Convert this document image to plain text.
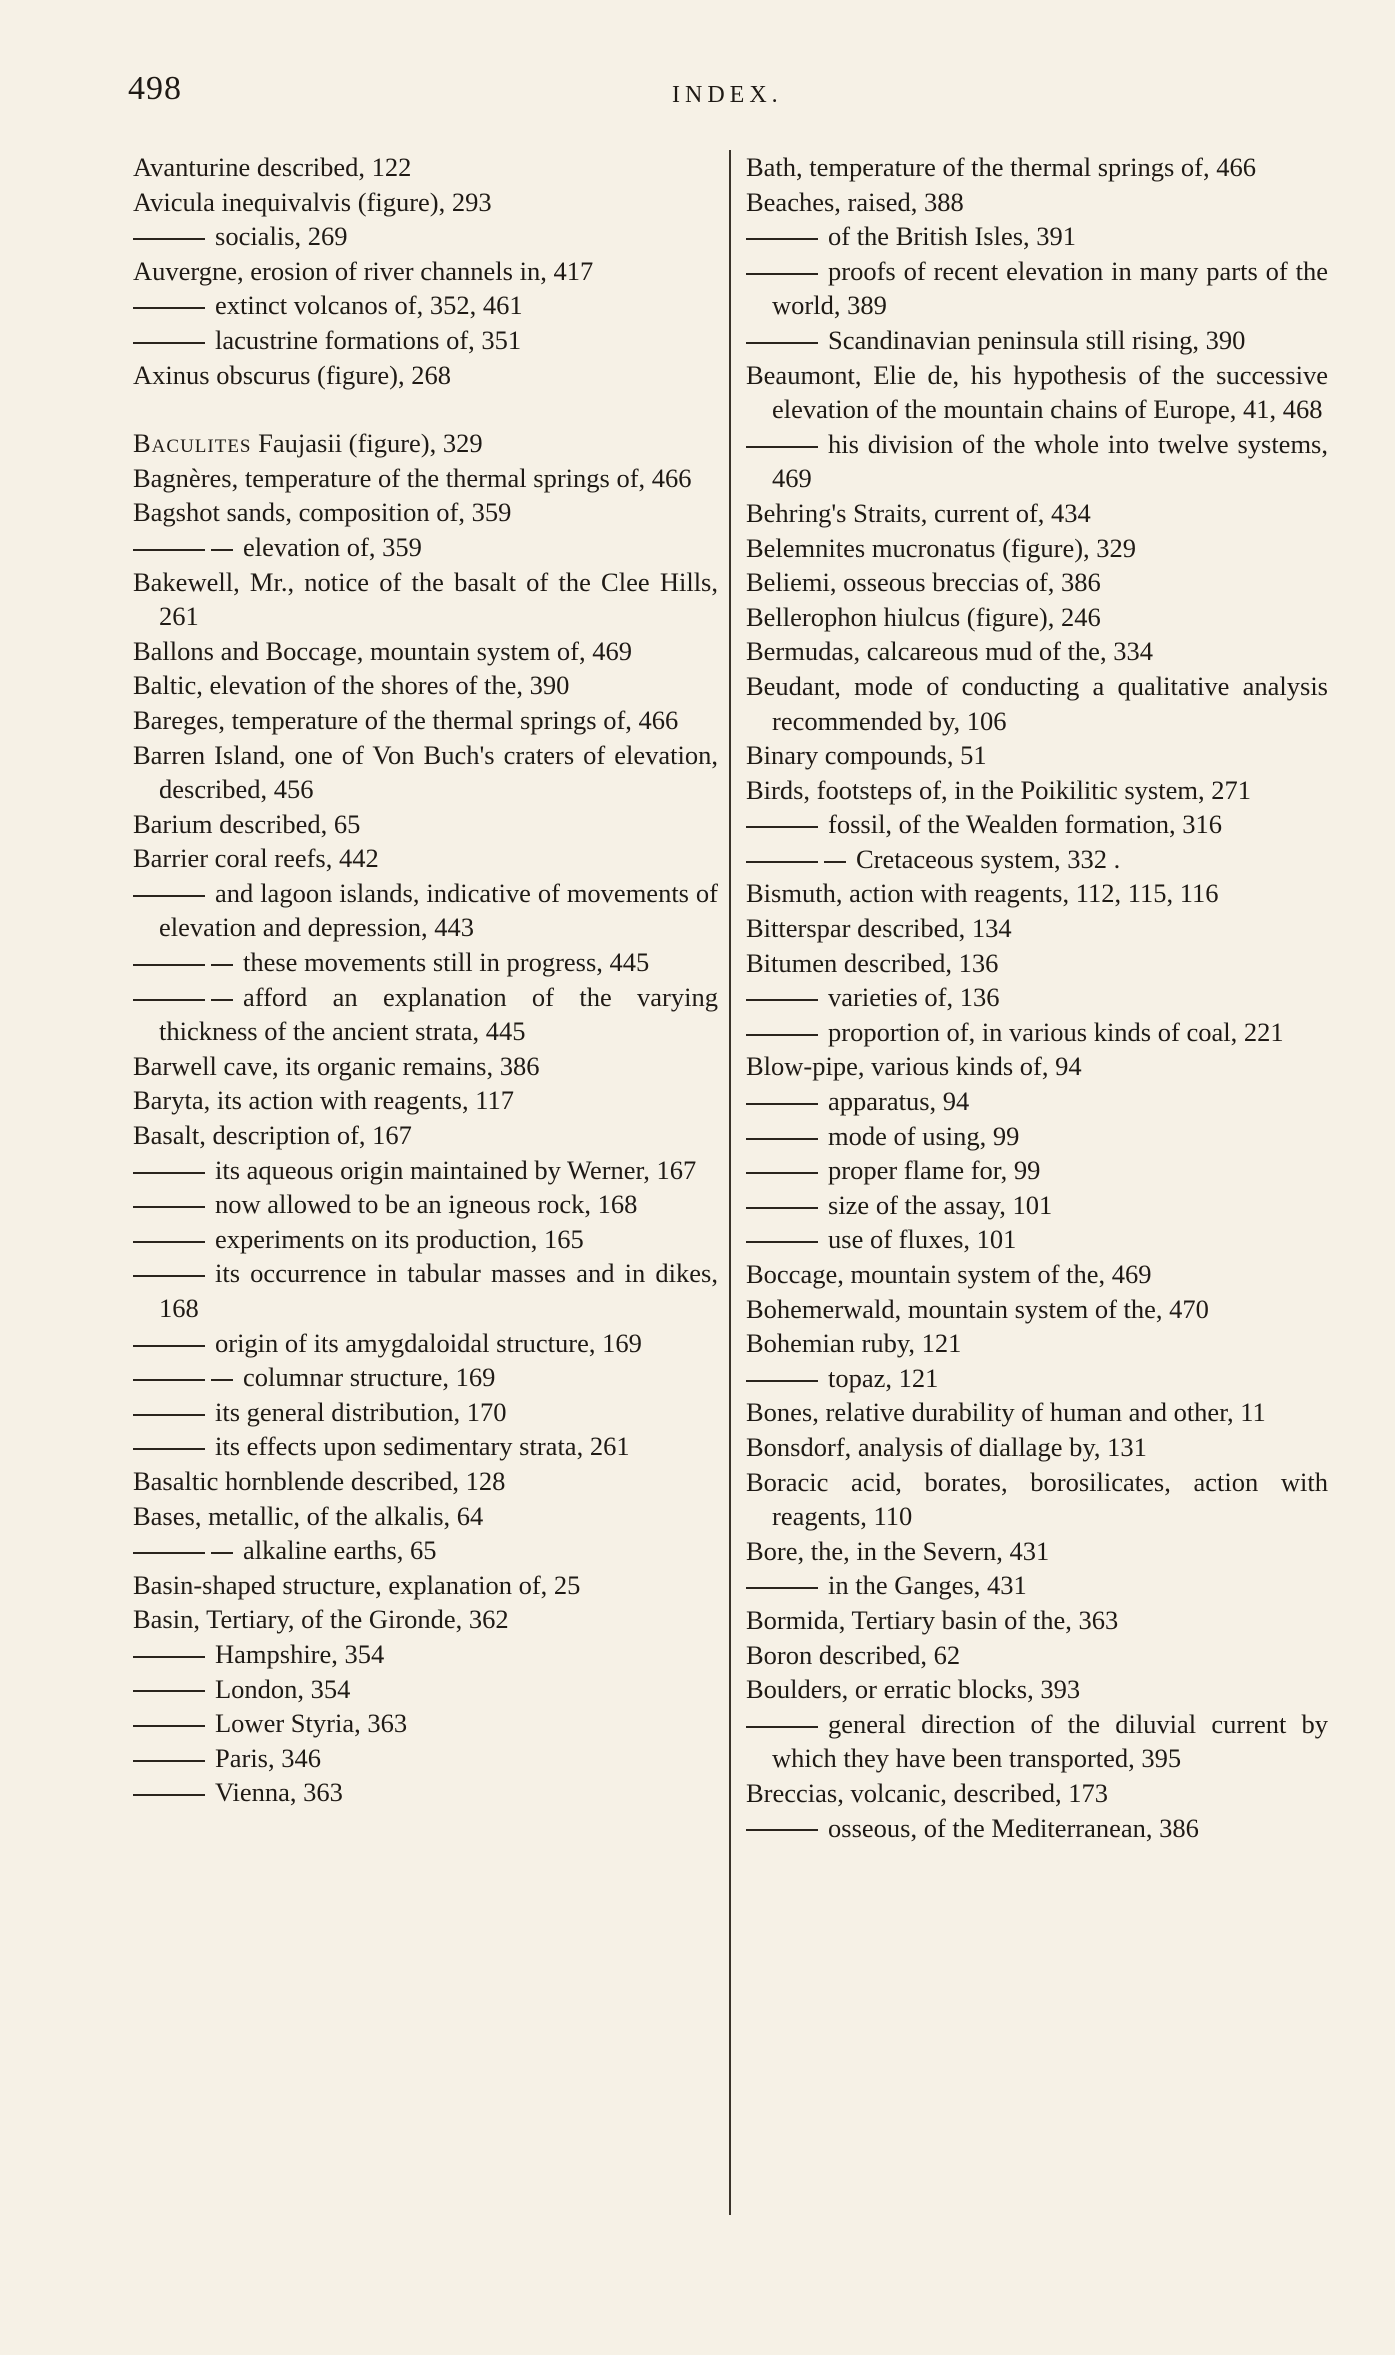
498	INDEX.
Avanturine described, 122
Avicula inequivalvis (figure), 293
socialis, 269
Auvergne, erosion of river channels in, 417
extinct volcanos of, 352, 461
lacustrine formations of, 351
Axinus obscurus (figure), 268
Baculites Faujasii (figure), 329
Bagnères, temperature of the thermal springs of, 466
Bagshot sands, composition of, 359
elevation of, 359
Bakewell, Mr., notice of the basalt of the Clee Hills, 261
Ballons and Boccage, mountain system of, 469
Baltic, elevation of the shores of the, 390
Bareges, temperature of the thermal springs of, 466
Barren Island, one of Von Buch's craters of elevation, described, 456
Barium described, 65
Barrier coral reefs, 442
and lagoon islands, indicative of movements of elevation and depression, 443
these movements still in progress, 445
afford an explanation of the varying thickness of the ancient strata, 445
Barwell cave, its organic remains, 386
Baryta, its action with reagents, 117
Basalt, description of, 167
its aqueous origin maintained by Werner, 167
now allowed to be an igneous rock, 168
experiments on its production, 165
its occurrence in tabular masses and in dikes, 168
origin of its amygdaloidal structure, 169
columnar structure, 169
its general distribution, 170
its effects upon sedimentary strata, 261
Basaltic hornblende described, 128
Bases, metallic, of the alkalis, 64
alkaline earths, 65
Basin-shaped structure, explanation of, 25
Basin, Tertiary, of the Gironde, 362
Hampshire, 354
London, 354
Lower Styria, 363
Paris, 346
Vienna, 363
Bath, temperature of the thermal springs of, 466
Beaches, raised, 388
of the British Isles, 391
proofs of recent elevation in many parts of the world, 389
Scandinavian peninsula still rising, 390
Beaumont, Elie de, his hypothesis of the successive elevation of the mountain chains of Europe, 41, 468
his division of the whole into twelve systems, 469
Behring's Straits, current of, 434
Belemnites mucronatus (figure), 329
Beliemi, osseous breccias of, 386
Bellerophon hiulcus (figure), 246
Bermudas, calcareous mud of the, 334
Beudant, mode of conducting a qualitative analysis recommended by, 106
Binary compounds, 51
Birds, footsteps of, in the Poikilitic system, 271
fossil, of the Wealden formation, 316
Cretaceous system, 332 .
Bismuth, action with reagents, 112, 115, 116
Bitterspar described, 134
Bitumen described, 136
varieties of, 136
proportion of, in various kinds of coal, 221
Blow-pipe, various kinds of, 94
apparatus, 94
mode of using, 99
proper flame for, 99
size of the assay, 101
use of fluxes, 101
Boccage, mountain system of the, 469
Bohemerwald, mountain system of the, 470
Bohemian ruby, 121
topaz, 121
Bones, relative durability of human and other, 11
Bonsdorf, analysis of diallage by, 131
Boracic acid, borates, borosilicates, action with reagents, 110
Bore, the, in the Severn, 431
in the Ganges, 431
Bormida, Tertiary basin of the, 363
Boron described, 62
Boulders, or erratic blocks, 393
general direction of the diluvial current by which they have been transported, 395
Breccias, volcanic, described, 173
osseous, of the Mediterranean, 386
